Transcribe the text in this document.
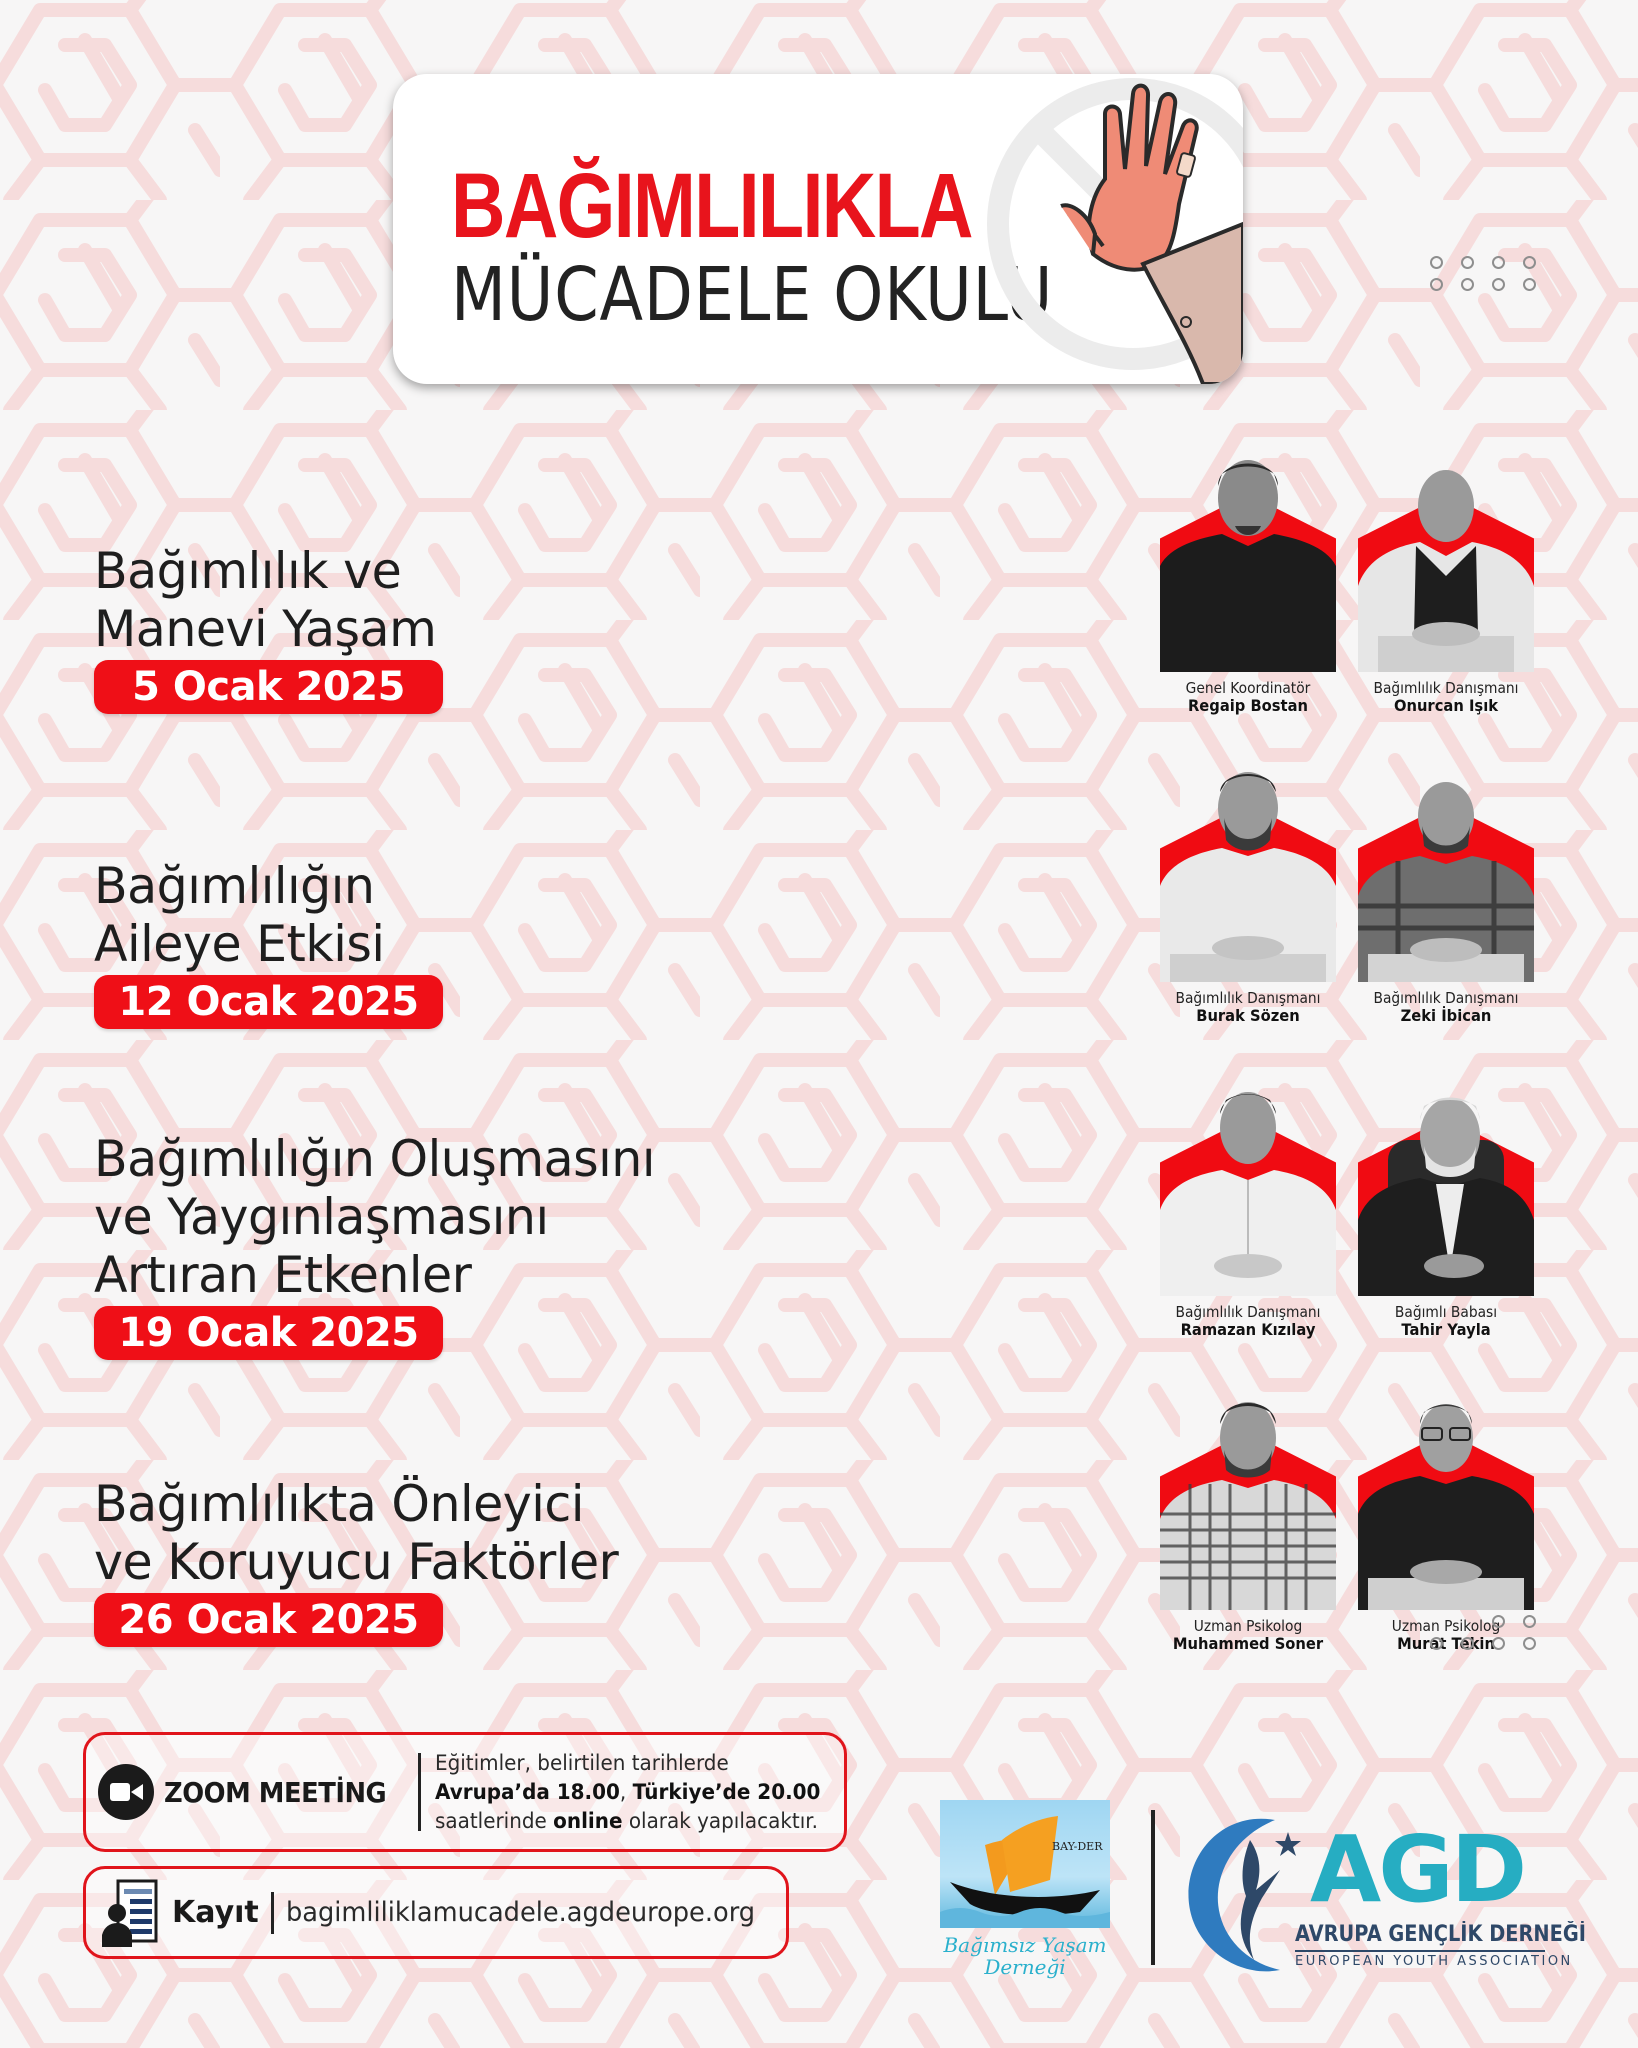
BAĞIMLILIKLA
MÜCADELE OKULU
Bağımlılık ve
Manevi Yaşam
5 Ocak 2025
Bağımlılığın
Aileye Etkisi
12 Ocak 2025
Bağımlılığın Oluşmasını
ve Yaygınlaşmasını
Artıran Etkenler
19 Ocak 2025
Bağımlılıkta Önleyici
ve Koruyucu Faktörler
26 Ocak 2025
Genel Koordinatör
Regaip Bostan
Bağımlılık Danışmanı
Onurcan Işık
Bağımlılık Danışmanı
Burak Sözen
Bağımlılık Danışmanı
Zeki İbican
Bağımlılık Danışmanı
Ramazan Kızılay
Bağımlı Babası
Tahir Yayla
Uzman Psikolog
Muhammed Soner
Uzman Psikolog
Murat Tekin
ZOOM MEETİNG
Eğitimler, belirtilen tarihlerde
Avrupa’da 18.00, Türkiye’de 20.00
saatlerinde online olarak yapılacaktır.
Kayıt bagimliliklamucadele.agdeurope.org
BAY-DER
Bağımsız Yaşam
Derneği
AGD
AVRUPA GENÇLİK DERNEĞİ
EUROPEAN YOUTH ASSOCIATION
